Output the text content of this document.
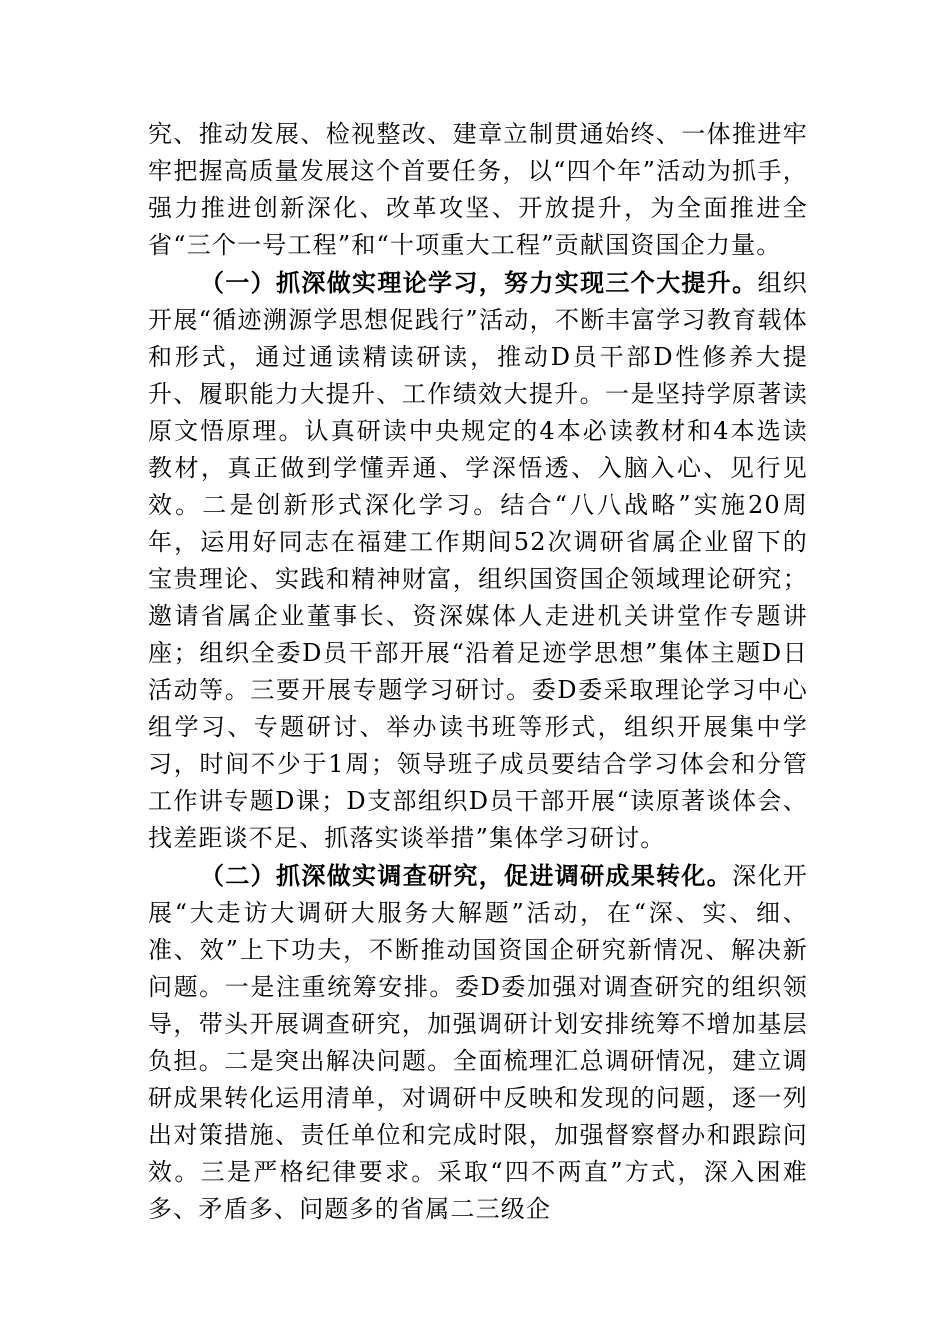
究、推动发展、检视整改、建章立制贯通始终、一体推进牢牢把握高质量发展这个首要任务，以“四个年”活动为抓手，强力推进创新深化、改革攻坚、开放提升，为全面推进全省“三个一号工程”和“十项重大工程”贡献国资国企力量。

（一）抓深做实理论学习，努力实现三个大提升。组织开展“循迹溯源学思想促践行”活动，不断丰富学习教育载体和形式，通过通读精读研读，推动D员干部D性修养大提升、履职能力大提升、工作绩效大提升。一是坚持学原著读原文悟原理。认真研读中央规定的4本必读教材和4本选读教材，真正做到学懂弄通、学深悟透、入脑入心、见行见效。二是创新形式深化学习。结合“八八战略”实施20周年，运用好同志在福建工作期间52次调研省属企业留下的宝贵理论、实践和精神财富，组织国资国企领域理论研究；邀请省属企业董事长、资深媒体人走进机关讲堂作专题讲座；组织全委D员干部开展“沿着足迹学思想”集体主题D日活动等。三要开展专题学习研讨。委D委采取理论学习中心组学习、专题研讨、举办读书班等形式，组织开展集中学习，时间不少于1周；领导班子成员要结合学习体会和分管工作讲专题D课；D支部组织D员干部开展“读原著谈体会、找差距谈不足、抓落实谈举措”集体学习研讨。

（二）抓深做实调查研究，促进调研成果转化。深化开展“大走访大调研大服务大解题”活动，在“深、实、细、准、效”上下功夫，不断推动国资国企研究新情况、解决新问题。一是注重统筹安排。委D委加强对调查研究的组织领导，带头开展调查研究，加强调研计划安排统筹不增加基层负担。二是突出解决问题。全面梳理汇总调研情况，建立调研成果转化运用清单，对调研中反映和发现的问题，逐一列出对策措施、责任单位和完成时限，加强督察督办和跟踪问效。三是严格纪律要求。采取“四不两直”方式，深入困难多、矛盾多、问题多的省属二三级企
